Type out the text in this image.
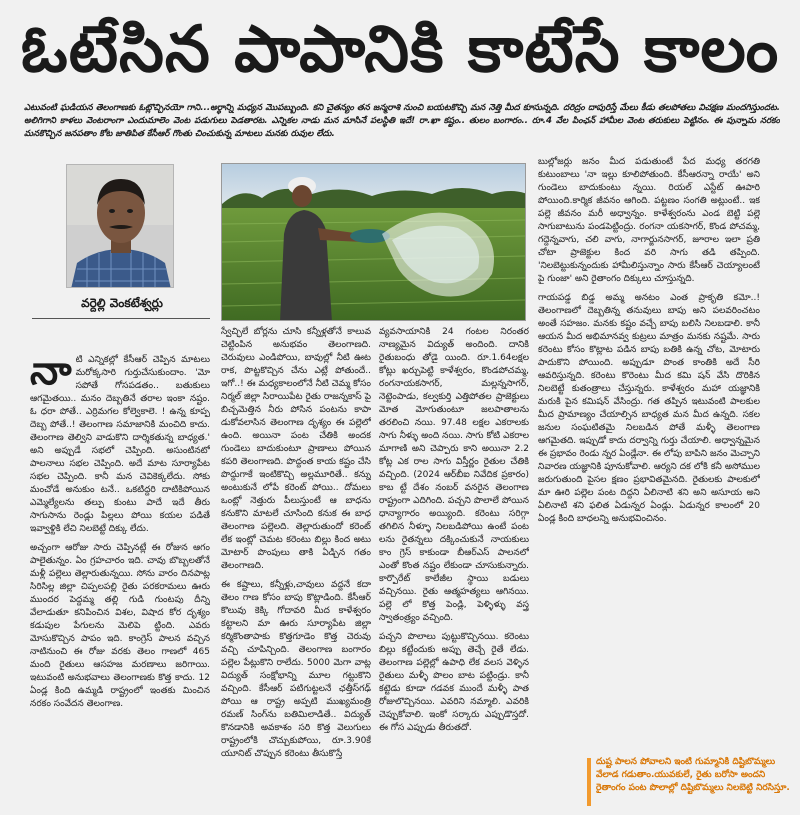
ఓటేసిన పాపానికి కాటేసే కాలం
ఎటువంటి ఘడియన తెలంగాణకు ఓట్లొచ్చినయో గాని...అర్థాన్ని మధ్యన మొపబ్బుంది. కని చైతన్యం తన జన్మరాశి నుంచి బయటకొచ్చి మన నెత్తి మీద కూసున్నది. దరిద్రం దాపురిస్తే మేలు కీడు తలపోతలు విచక్షణ మందగిస్తుందట. అలిగిగాని కాళలు వెంటరాంగా ఎందుమాలెం వెంట పడుగులు పెడతారట. ఎన్నికల నాడు మన మాసినే పలస్థితి ఇదే! రా.ఖా కష్టం.. తులం బంగారం.. రూ.4 వేల పింఛన్ హామీల వెంట తరుకులు పెట్టినం. ఈ పున్నామ నరకం మనకొచ్చిన జనపతాం కోట జాతిపిత కేసీఆర్ గొంతు చించుకున్న మాటలు మనకు రువుల లేదు.
వర్దెల్లి వెంకటేశ్వర్లు
నా టి ఎన్నికల్లో కేసీఆర్ చెప్పిన మాటలు మరోక్కసారి గుర్తుచేసుకుందాం. 'మో సపోతే గోసపడతం.. బతుకులు ఆగమైతయి.. మనం దెబ్బతినే తరాల ఇంకా నష్టం. ఓ ధరా పోతే.. ఎర్రిమగల కోల్వెకాలె. ! ఉన్న కూప్ప దెబ్బ పోతే..! తెలంగాణ సమాజానికి మంచిది కాదు. తెలంగాణ తెల్విని వాడుకొని దార్శికతున్న బాధ్యత.' అని అప్పుడే సభలో చెప్పింది. అసుంటినటో పాలనాలు సభల చెప్పింది. అదే మాట సూర్యాపేట సభల చెప్పింది. కానీ మన చెవికెక్కలేదు. సోకు మంచోడే అనుకుం టనే.. ఒకటిద్దరి దాటికిపోయిన ఎమ్మెల్యేలను తల్పు కుంటు పాదే ఇదే తీరు సాగుసాను రెండ్లు పిల్లలు పోయి కయల పడితే ఇవ్వాళ్టికి లేచి నిలబెట్టే దిక్కు లేదు.

అచ్చంగా ఆరోజు సారు చెప్పినట్లే ఈ రోజున ఆగం పాలైతున్నం. ఏం గ్రహచారం ఇది. చావు బొబ్బలతోనే మళ్లీ పల్లెలు తెల్లారుతున్నయి. సోను వారం దినపాట్ల సిరిసిల్ల జిల్లా చిప్పలపల్లి రైతు పరకరామలు ఊరు ముందర పెద్దమ్మ తల్లి గుడి గుంటపు దీన్ని వేలాడుతూ కనిపించిన విశల, విషాద కోర దృశ్యం కడుపుల పేగులను మెలిపె ట్టింది. ఎవరు మోసుకొచ్చిన పాపం ఇది. కాంగ్రెస్ పాలన వచ్చిన నాటినుంచి ఈ రోజు వరకు తెలం గాణలో 465 మంది రైతులు ఆసహజ మరణాలు జరిగాయి. ఇటువంటి అనుభవాలు తెలంగాణకు కొత్త కాదు. 12 ఏండ్ల కింది ఉమ్మడి రాష్ట్రంలో ఇంతకు మించిన నరకం సంవేదన తెలంగాణ.

స్వేచ్ఛిలే బోర్లను చూసి కన్నీళ్లతోనే కాలువ చెట్టింపిన అనుభవం తెలంగాణది. చెరువులు ఎండిపోయి, బావుల్లో నీటి ఊట రాక, పొట్టకొచ్చిన చేను ఎట్లే పోతుందే.. ఇగో..! ఈ మధ్యకాలంలోనే నీటి చెమ్మ కోసం నిర్మల్ జిల్లా సిరాయిపేట రైతు రాజన్నకాస్ పై బిచ్చమెత్తిన నీరు పోసిన పంటను కాపా డుకోవలాసిన తెలంగాణ దృశ్యం ఈ పల్లెలో ఉంది. అయినా పంట చేతికి అందక గుండెలు బాదుకుంటూ ప్రాణాలు పోయిన కపరి తెలంగాణది. పొద్దంత కాయ కష్టం చేసి పొద్దుగాకే ఇంటికొచ్చి అల్లమూరితే.. కన్ను అంటుకునే లోపే కరెంట్ పోయి.. దోమలు ఒంట్లో నెత్తురు పీలుస్తుంటే ఆ బాధను కనుకొని మాటలే చూసింది కనుక ఈ బాధ తెలంగాణ పల్లెలది. తెల్లారుతుందో కరెంట్ లేక ఇంట్లో చెమట కరెంటు బిల్లు కింద అటు మోటార్ పొంపులు తాకి ఏడ్చిన గతం తెలంగాణది.

ఈ కష్టాలు, కన్నీళ్లు,చావులు వద్దనే కదా తెలం గాణ కోసం బాపు కొట్లాడింది. కేసీఆర్ కొలువు కెక్కి గోదావరి మీద కాళేశ్వరం కట్టాలని మా ఊరు సూర్యాపేట జిల్లా కర్మికొంతాపాకు కొత్తగూడెం కొత్త చెరువు వచ్చి చూపిన్చింది. తెలంగాణ బంగారం పల్లెల పేట్లుకొని రాలేదు. 5000 మెగా వాట్ల విద్యుత్ సంక్షోభాన్ని మూల గట్టుకొని వచ్చింది. కేసీఆర్ పటిగుట్టలనే ఛత్తీస్‌గఢ్ పోయి ఆ రాష్ట్ర అప్పటి ముఖ్యమంత్రి రమణ్ సింగ్‌ను బతిమిలాడితే.. విద్యుత్ కొనడానికి అవకాశం సరి కొత్త వెలుగులు రాష్ట్రంలోకి చొచ్చుకుపోయి, రూ.3.90కే యూనిట్ చొప్పున కరెంటు తీసుకొస్తే

వ్యవసాయానికి 24 గంటల నిరంతర నాణ్యమైన విద్యుత్ అందింది. దానికి రైతుబంధు తోడై యింది. రూ.1.64లక్షల కోట్లు ఖర్చుపెట్టి కాళేశ్వరం, కొండపోచమ్మ, రంగనాయకసాగర్, మల్లన్నసాగర్, నెట్టెంపాడు, కల్వకుర్తి ఎత్తిపోతల ప్రాజెక్టులు మోత మోగుతుంటూ జలపాతాలను తరలించి నయి. 97.48 లక్షల ఎకరాలకు సాగు నీళ్ళు అంది నయి. సాగు కోటి ఎకరాల మాగాణి అని చెప్పారు కాని అయినా 2.2 కోట్ల ఎక రాల సాగు విస్తీర్ణం రైతుల చేతికి వచ్చింది. (2024 ఆర్‌బీఐ నివేదిక ప్రకారం) కాబ ట్టే దేశం నంబర్ వనరైన తెలంగాణ రాష్ట్రంగా ఎదిగింది. పచ్చని పొలాలే పోయిన ధాన్యాగారం అయ్యింది. కరెంటు సరిగ్గా తగిలిన నీళ్ళూ నిలబడిపోయి ఉంటే పంట లను రైతన్నలు దక్కించుకునే నాయకులు కాం గ్రెస్ కాకుండా బీఆర్‌ఎస్ పాలనలో ఎంతో కొంత నష్టం లేకుండా చూసుకున్నారు. కార్పొరేట్ కాలేజీల స్థాయి బడులు వచ్చినయి. రైతు ఆత్మహత్యలు ఆగినయి. పల్లె లో కొత్త పెండ్లి, పెళ్ళిళ్ళు వస్త్ర స్వాతంత్ర్యం వచ్చింది.

పచ్చని పొలాలు పుట్టుకొచ్చినయి. కరెంటు బిల్లు కట్టేందుకు అప్పు తెచ్చే రైతే లేడు. తెలంగాణ పల్లెల్లో ఉపాధి లేక వలస వెళ్ళిన రైతులు మళ్ళీ పొలం బాట పట్టిండ్రు. కానీ కట్టెడు కూడా గడవక ముందే మళ్ళీ పాత రోజులొచ్చినయి. ఎవరిని నమ్మాలి. ఎవరికి చెప్పుకోవాలి. ఇంకో సర్కారు ఎప్పుడొస్తదో. ఈ గోస ఎప్పుడు తీరుతదో.

బుల్లోజర్లు జనం మీద పడుతుంటే పేద మధ్య తరగతి కుటుంబాలు 'నా ఇల్లు కూలిపోతుంది. కేసీఆరన్నా రాయే' అని గుండెలు బాదుకుంటు న్నయి. రియల్ ఎస్టేట్ ఊపారి పోయింది.కార్మిక జీవనం ఆగింది. పట్టణం సంగతి అట్లుంటే.. ఇక పల్లె జీవనం మరీ అధ్వాన్నం. కాళేశ్వరంను ఎండ బెట్టి పల్లె సాగుబాటును పండపెట్టింద్రు. రంగనా యకసాగర్, కొండ పోచమ్మ, గద్దెన్నవాగు, చలి వాగు, నాగార్జునసాగర్, జూరాల ఇలా ప్రతి చోటా ప్రాజెక్టుల కింద వరి సాగు తడి తప్పింది. 'నిలబెట్టుకున్నందుకు హామీలిస్తున్నాం సారు కేసీఆర్ చెయ్యాలంటే పై గుంజా' అని రైతాంగం దిక్కులు చూస్తున్నది.

గాయపడ్డ బిడ్డ అమ్మ అనటం ఎంత ప్రాకృతి కమో..! తెలంగాణలో దెబ్బతిన్న తనువులు బాపు అని పలవరించటం అంతే సహజం. మనకు కష్టం వచ్చే బాపు బలిసి నిలబడాలి. కానీ ఆయన మీద అభిమానవ్వ కుట్రలు మాత్రం మనకు నష్టమే. సారు కరెంటు కోసం కొట్లాట పడిన బాపు బతికి ఉన్న చోట, మోటారు పాదుకొని పోయింది. అప్పుడూ పొంత కాంతికి అదే సీరి ఆవరిస్తున్నది. కరెంటు కొరెంటు మీద కమి షన్ వేసి దొరికిన నిలబెట్టే కుతంత్రాలు చేస్తున్నరు. కాళేశ్వరం మహా యజ్ఞానికి మరుకి పైన కమిషన్ వేసింద్రు. గత తప్పిన ఇటువంటి పాలకుల మీద ప్రామాణ్యం చేయాల్సిన బాధ్యత మన మీద ఉన్నది. సకల జనుల సంఘటితమై నిలబడిన పోతే మళ్ళీ తెలంగాణ ఆగమైతది. ఇప్పుడో కాదు దర్వాన్ని గుర్తు చేయాలి. అధ్వాన్నమైన ఈ ప్రభావం రెండు న్నర ఏండ్లేనా. ఈ లోపు బాపిని జనం మెచ్చాని నివారణ యజ్ఞానికి పూనుకోవాలి. ఆర్యని దక లోకి కనీ అసోముల జరుగుతుంది పైసల క్షణం ప్రభావితమైనది. రైతులకు పాలకులో మా ఊరి పల్లెల పంట దిద్దని ఏలినాటి శని అని అసూయ అని ఏలినాటి శని ఫలిత ఏడున్నర ఏండ్లు. ఏడున్నర కాలంలో 20 ఏండ్ల కింది బాధలన్ని అనుభవించినం.

దుష్ట పాలన పోవాలని ఇంటి గుమ్మానికి దిష్టిబొమ్మలు వేలాడ గడుతాం.యువకులే, రైతు బరోసా అందని రైతాంగం పంట పొలాల్లో దిష్టిబొమ్మలు నిలబెట్టి నిరసిస్తూ.
